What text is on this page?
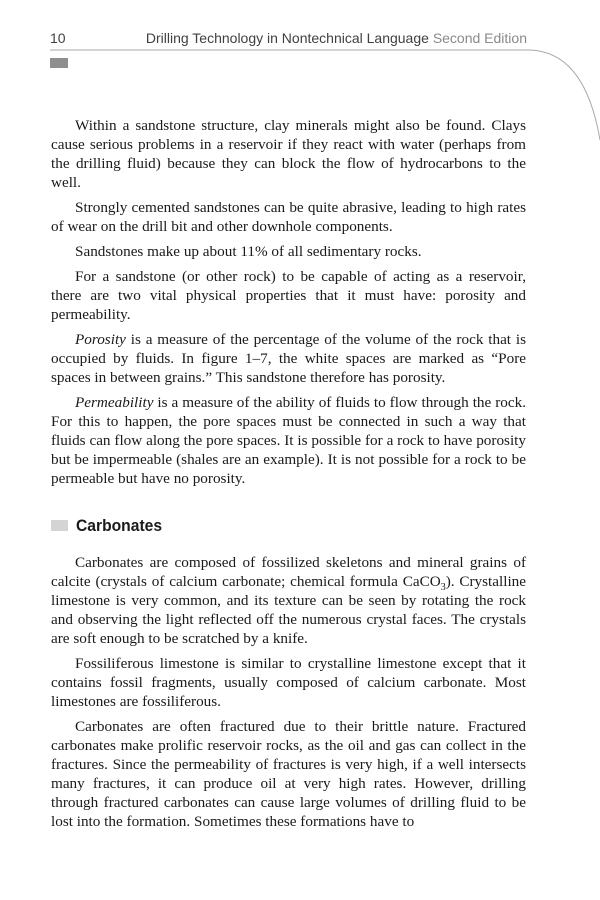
10	Drilling Technology in Nontechnical Language Second Edition

Within a sandstone structure, clay minerals might also be found. Clays cause serious problems in a reservoir if they react with water (perhaps from the drilling fluid) because they can block the flow of hydrocarbons to the well.

Strongly cemented sandstones can be quite abrasive, leading to high rates of wear on the drill bit and other downhole components.

Sandstones make up about 11% of all sedimentary rocks.

For a sandstone (or other rock) to be capable of acting as a reservoir, there are two vital physical properties that it must have: porosity and permeability.

Porosity is a measure of the percentage of the volume of the rock that is occupied by fluids. In figure 1–7, the white spaces are marked as “Pore spaces in between grains.” This sandstone therefore has porosity.

Permeability is a measure of the ability of fluids to flow through the rock. For this to happen, the pore spaces must be connected in such a way that fluids can flow along the pore spaces. It is possible for a rock to have porosity but be impermeable (shales are an example). It is not possible for a rock to be permeable but have no porosity.

Carbonates

Carbonates are composed of fossilized skeletons and mineral grains of calcite (crystals of calcium carbonate; chemical formula CaCO$_3$). Crystalline limestone is very common, and its texture can be seen by rotating the rock and observing the light reflected off the numerous crystal faces. The crystals are soft enough to be scratched by a knife.

Fossiliferous limestone is similar to crystalline limestone except that it contains fossil fragments, usually composed of calcium carbonate. Most limestones are fossiliferous.

Carbonates are often fractured due to their brittle nature. Fractured carbonates make prolific reservoir rocks, as the oil and gas can collect in the fractures. Since the permeability of fractures is very high, if a well intersects many fractures, it can produce oil at very high rates. However, drilling through fractured carbonates can cause large volumes of drilling fluid to be lost into the formation. Sometimes these formations have to
